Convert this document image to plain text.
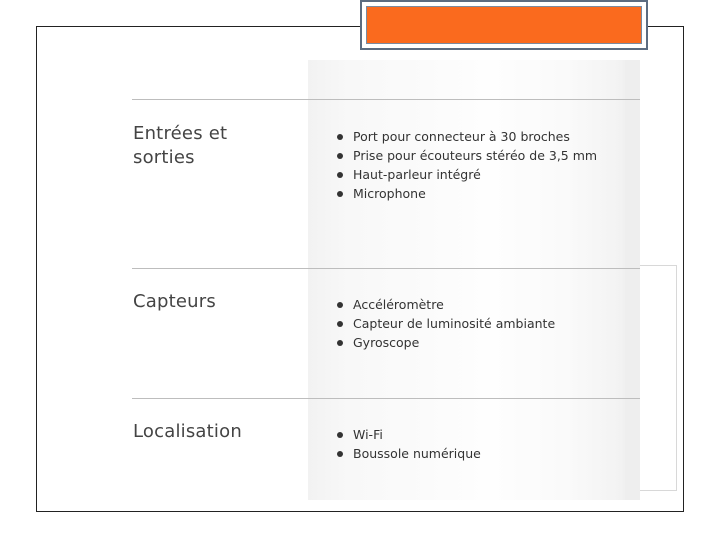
Entrées et
sorties
Port pour connecteur à 30 broches
Prise pour écouteurs stéréo de 3,5 mm
Haut-parleur intégré
Microphone
Capteurs	Accéléromètre
Capteur de luminosité ambiante
Gyroscope
Localisation	Wi-Fi
Boussole numérique
